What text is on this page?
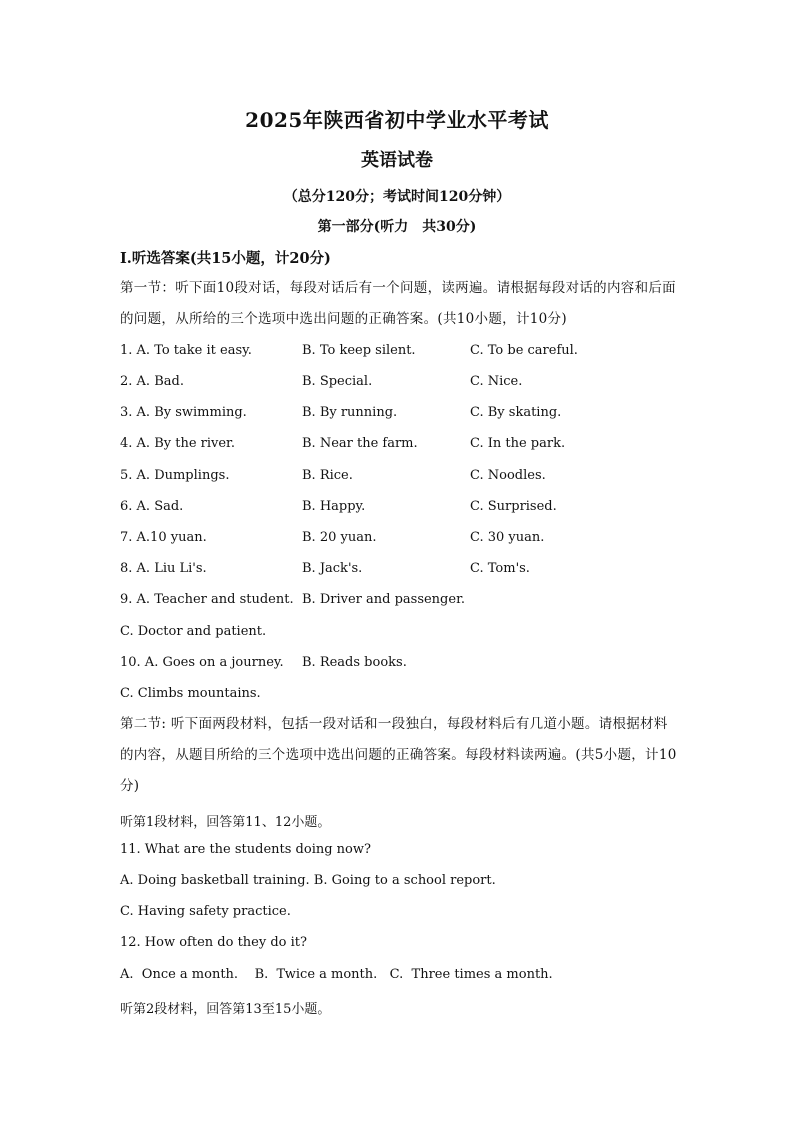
2025年陕西省初中学业水平考试
英语试卷
（总分120分；考试时间120分钟）
第一部分(听力　共30分)
I.听选答案(共15小题，计20分)
第一节：听下面10段对话，每段对话后有一个问题，读两遍。请根据每段对话的内容和后面的问题，从所给的三个选项中选出问题的正确答案。(共10小题，计10分)
1. A. To take it easy.	B. To keep silent.	C. To be careful.
2. A. Bad.	B. Special.	C. Nice.
3. A. By swimming.	B. By running.	C. By skating.
4. A. By the river.	B. Near the farm.	C. In the park.
5. A. Dumplings.	B. Rice.	C. Noodles.
6. A. Sad.	B. Happy.	C. Surprised.
7. A.10 yuan.	B. 20 yuan.	C. 30 yuan.
8. A. Liu Li's.	B. Jack's.	C. Tom's.
9. A. Teacher and student. B. Driver and passenger.
C. Doctor and patient.
10. A. Goes on a journey. B. Reads books.
C. Climbs mountains.
第二节: 听下面两段材料，包括一段对话和一段独白，每段材料后有几道小题。请根据材料的内容，从题目所给的三个选项中选出问题的正确答案。每段材料读两遍。(共5小题，计10分)
听第1段材料，回答第11、12小题。
11. What are the students doing now?
A. Doing basketball training. B. Going to a school report.
C. Having safety practice.
12. How often do they do it?
A.  Once a month.    B.  Twice a month.   C.  Three times a month.
听第2段材料，回答第13至15小题。
